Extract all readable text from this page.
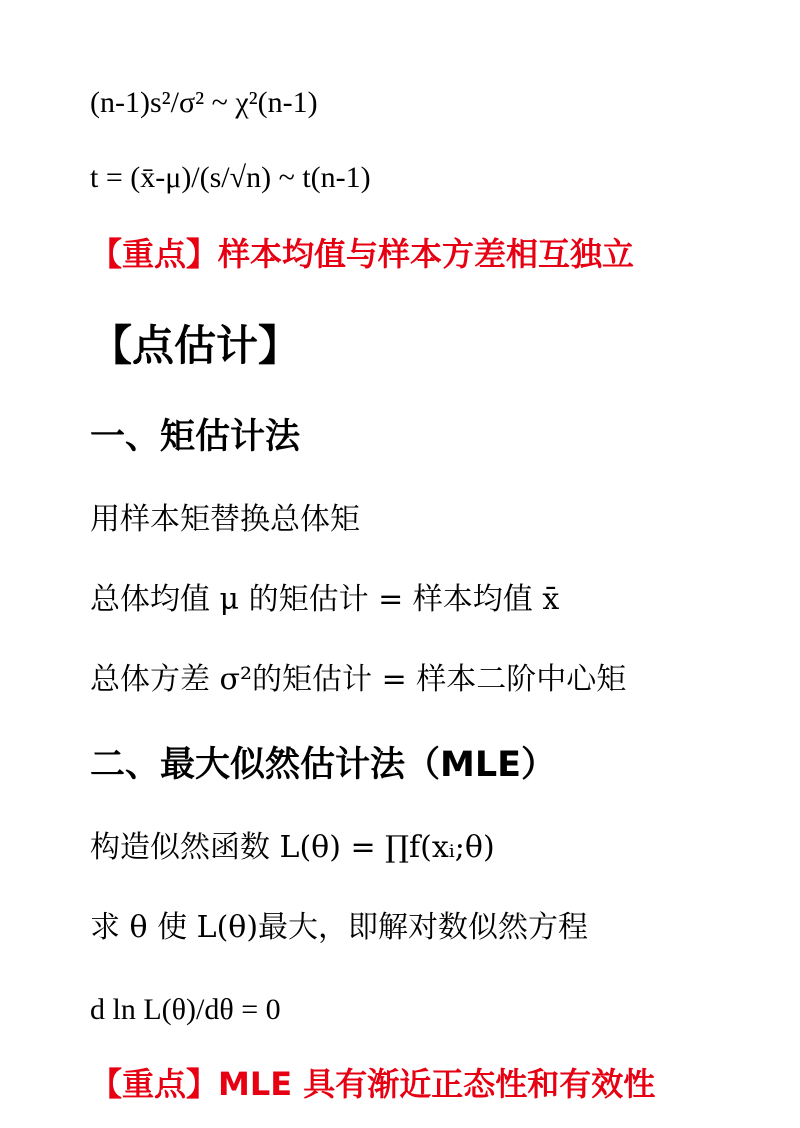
(n-1)s²/σ² ~ χ²(n-1)
t = (x̄-μ)/(s/√n) ~ t(n-1)
【重点】样本均值与样本方差相互独立
【点估计】
一、矩估计法
用样本矩替换总体矩
总体均值 μ 的矩估计 = 样本均值 x̄
总体方差 σ²的矩估计 = 样本二阶中心矩
二、最大似然估计法（MLE）
构造似然函数 L(θ) = ∏f(xᵢ;θ)
求 θ 使 L(θ)最大，即解对数似然方程
d ln L(θ)/dθ = 0
【重点】MLE 具有渐近正态性和有效性
